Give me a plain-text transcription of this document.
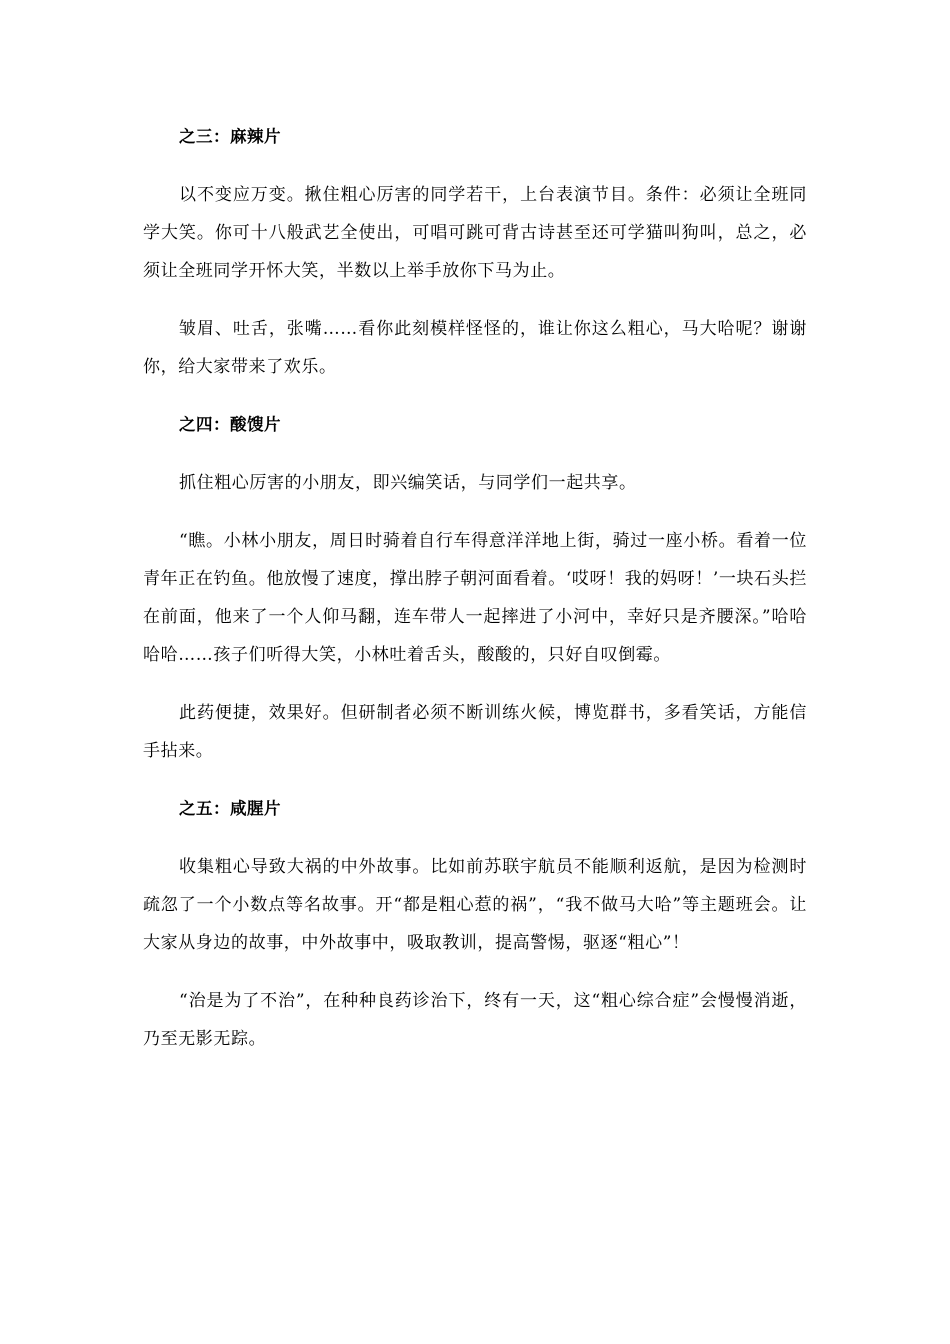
之三：麻辣片

以不变应万变。揪住粗心厉害的同学若干，上台表演节目。条件：必须让全班同学大笑。你可十八般武艺全使出，可唱可跳可背古诗甚至还可学猫叫狗叫，总之，必须让全班同学开怀大笑，半数以上举手放你下马为止。

皱眉、吐舌，张嘴……看你此刻模样怪怪的，谁让你这么粗心，马大哈呢？谢谢你，给大家带来了欢乐。

之四：酸馊片

抓住粗心厉害的小朋友，即兴编笑话，与同学们一起共享。

“瞧。小林小朋友，周日时骑着自行车得意洋洋地上街，骑过一座小桥。看着一位青年正在钓鱼。他放慢了速度，撑出脖子朝河面看着。‘哎呀！我的妈呀！’一块石头拦在前面，他来了一个人仰马翻，连车带人一起摔进了小河中，幸好只是齐腰深。”哈哈哈哈……孩子们听得大笑，小林吐着舌头，酸酸的，只好自叹倒霉。

此药便捷，效果好。但研制者必须不断训练火候，博览群书，多看笑话，方能信手拈来。

之五：咸腥片

收集粗心导致大祸的中外故事。比如前苏联宇航员不能顺利返航，是因为检测时疏忽了一个小数点等名故事。开“都是粗心惹的祸”，“我不做马大哈”等主题班会。让大家从身边的故事，中外故事中，吸取教训，提高警惕，驱逐“粗心”！

“治是为了不治”，在种种良药诊治下，终有一天，这“粗心综合症”会慢慢消逝，乃至无影无踪。
